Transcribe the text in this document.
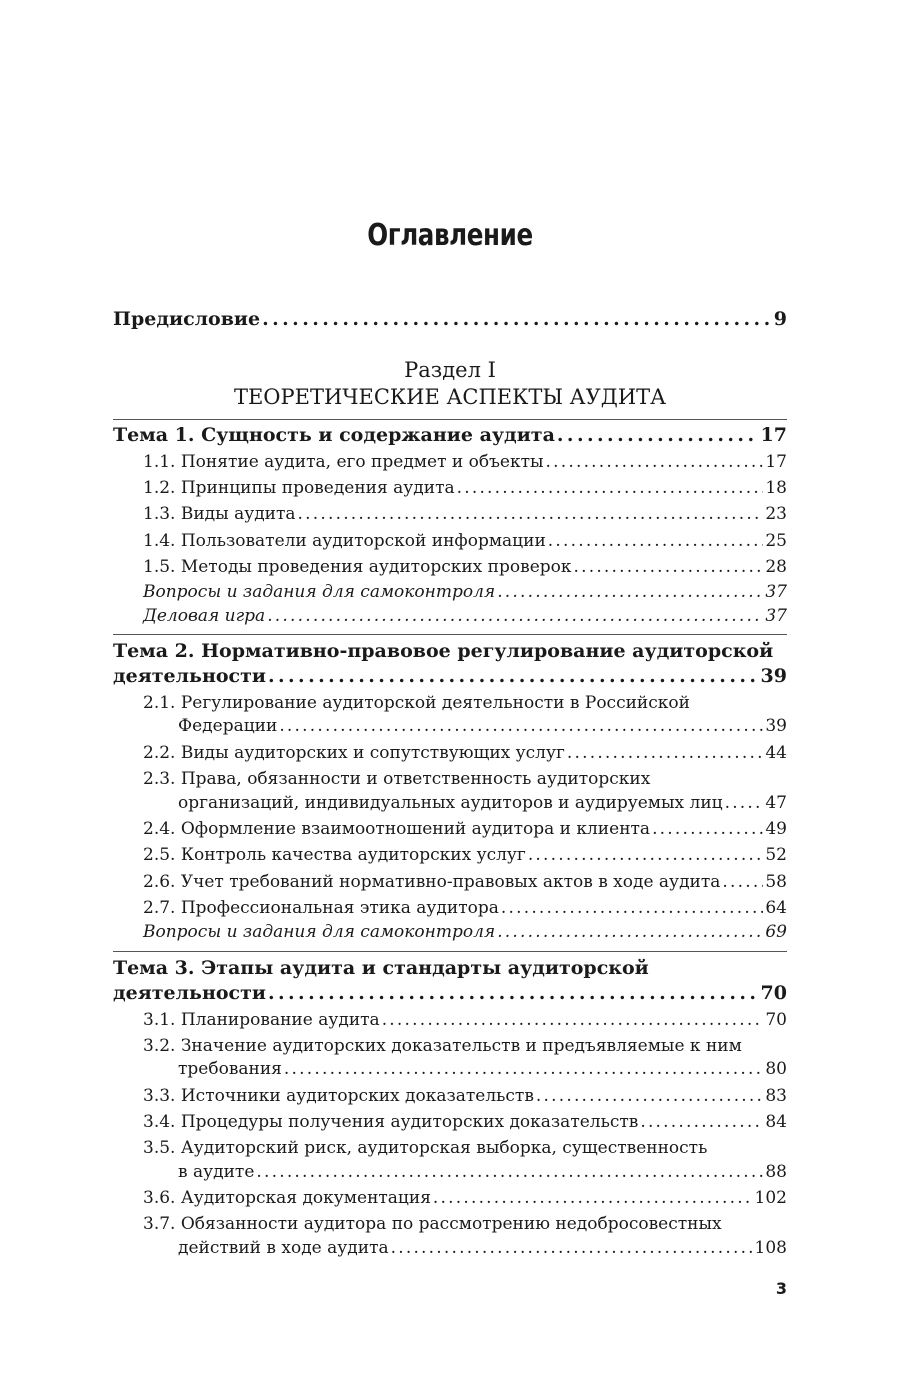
Оглавление
Предисловие . . .	9
Раздел I
ТЕОРЕТИЧЕСКИЕ АСПЕКТЫ АУДИТА
Тема 1. Сущность и содержание аудита . . .	17
1.1. Понятие аудита, его предмет и объекты . . .	17
1.2. Принципы проведения аудита . . .	18
1.3. Виды аудита . . .	23
1.4. Пользователи аудиторской информации . . .	25
1.5. Методы проведения аудиторских проверок . . .	28
Вопросы и задания для самоконтроля . . .	37
Деловая игра . . .	37
Тема 2. Нормативно-правовое регулирование аудиторской
деятельности . . .	39
2.1. Регулирование аудиторской деятельности в Российской
Федерации . . .	39
2.2. Виды аудиторских и сопутствующих услуг . . .	44
2.3. Права, обязанности и ответственность аудиторских
организаций, индивидуальных аудиторов и аудируемых лиц . . .	47
2.4. Оформление взаимоотношений аудитора и клиента . . .	49
2.5. Контроль качества аудиторских услуг . . .	52
2.6. Учет требований нормативно-правовых актов в ходе аудита . . .	58
2.7. Профессиональная этика аудитора . . .	64
Вопросы и задания для самоконтроля . . .	69
Тема 3. Этапы аудита и стандарты аудиторской
деятельности . . .	70
3.1. Планирование аудита . . .	70
3.2. Значение аудиторских доказательств и предъявляемые к ним
требования . . .	80
3.3. Источники аудиторских доказательств . . .	83
3.4. Процедуры получения аудиторских доказательств . . .	84
3.5. Аудиторский риск, аудиторская выборка, существенность
в аудите . . .	88
3.6. Аудиторская документация . . .	102
3.7. Обязанности аудитора по рассмотрению недобросовестных
действий в ходе аудита . . .	108
3
